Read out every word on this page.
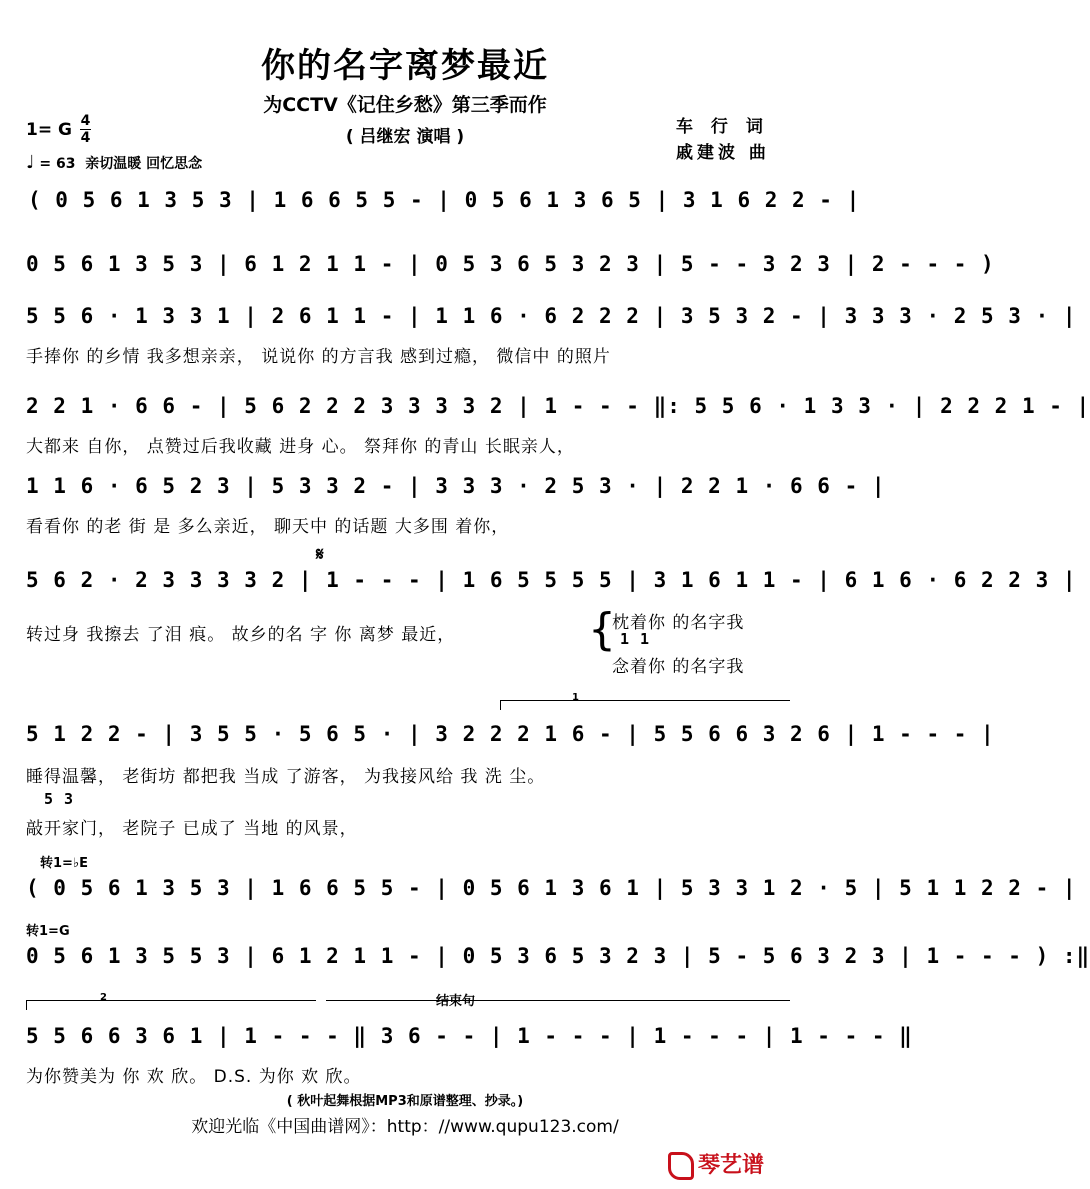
你的名字离梦最近
为CCTV《记住乡愁》第三季而作
( 吕继宏 演唱 )	车 行 词
戚建波 曲
1= G 4
4
♩ = 63 亲切温暖 回忆思念
( 0 5 6 1 3 5 3 | 1 6 6 5 5 - | 0 5 6 1 3 6 5 | 3 1 6 2 2 - |
0 5 6 1 3 5 3 | 6 1 2 1 1 - | 0 5 3 6 5 3 2 3 | 5 - - 3 2 3 | 2 - - - )
5 5 6 · 1 3 3 1 | 2 6 1 1 - | 1 1 6 · 6 2 2 2 | 3 5 3 2 - | 3 3 3 · 2 5 3 · |
手捧你 的乡情 我多想亲亲， 说说你 的方言我 感到过瘾， 微信中 的照片
2 2 1 · 6 6 - | 5 6 2 2 2 3 3 3 3 2 | 1 - - - ‖: 5 5 6 · 1 3 3 · | 2 2 2 1 - |
大都来 自你， 点赞过后我收藏 进身 心。 祭拜你 的青山 长眠亲人，
1 1 6 · 6 5 2 3 | 5 3 3 2 - | 3 3 3 · 2 5 3 · | 2 2 1 · 6 6 - |
看看你 的老 街 是 多么亲近， 聊天中 的话题 大多围 着你，
𝄋
5 6 2 · 2 3 3 3 3 2 | 1 - - - | 1 6 5 5 5 5 | 3 1 6 1 1 - | 6 1 6 · 6 2 2 3 |
转过身 我擦去 了泪 痕。 故乡的名 字 你 离梦 最近，	{
枕着你 的名字我
1 1
念着你 的名字我
1
5 1 2 2 - | 3 5 5 · 5 6 5 · | 3 2 2 2 1 6 - | 5 5 6 6 3 2 6 | 1 - - - |
睡得温馨， 老街坊 都把我 当成 了游客， 为我接风给 我 洗 尘。
5 3
敲开家门， 老院子 已成了 当地 的风景，
转1=♭E
( 0 5 6 1 3 5 3 | 1 6 6 5 5 - | 0 5 6 1 3 6 1 | 5 3 3 1 2 · 5 | 5 1 1 2 2 - |
转1=G
0 5 6 1 3 5 5 3 | 6 1 2 1 1 - | 0 5 3 6 5 3 2 3 | 5 - 5 6 3 2 3 | 1 - - - ) :‖
2	结束句
5 5 6 6 3 6 1 | 1 - - - ‖ 3 6 - - | 1 - - - | 1 - - - | 1 - - - ‖
为你赞美为 你 欢 欣。 D.S. 为你 欢 欣。
( 秋叶起舞根据MP3和原谱整理、抄录。)
欢迎光临《中国曲谱网》：http：//www.qupu123.com/
琴艺谱
